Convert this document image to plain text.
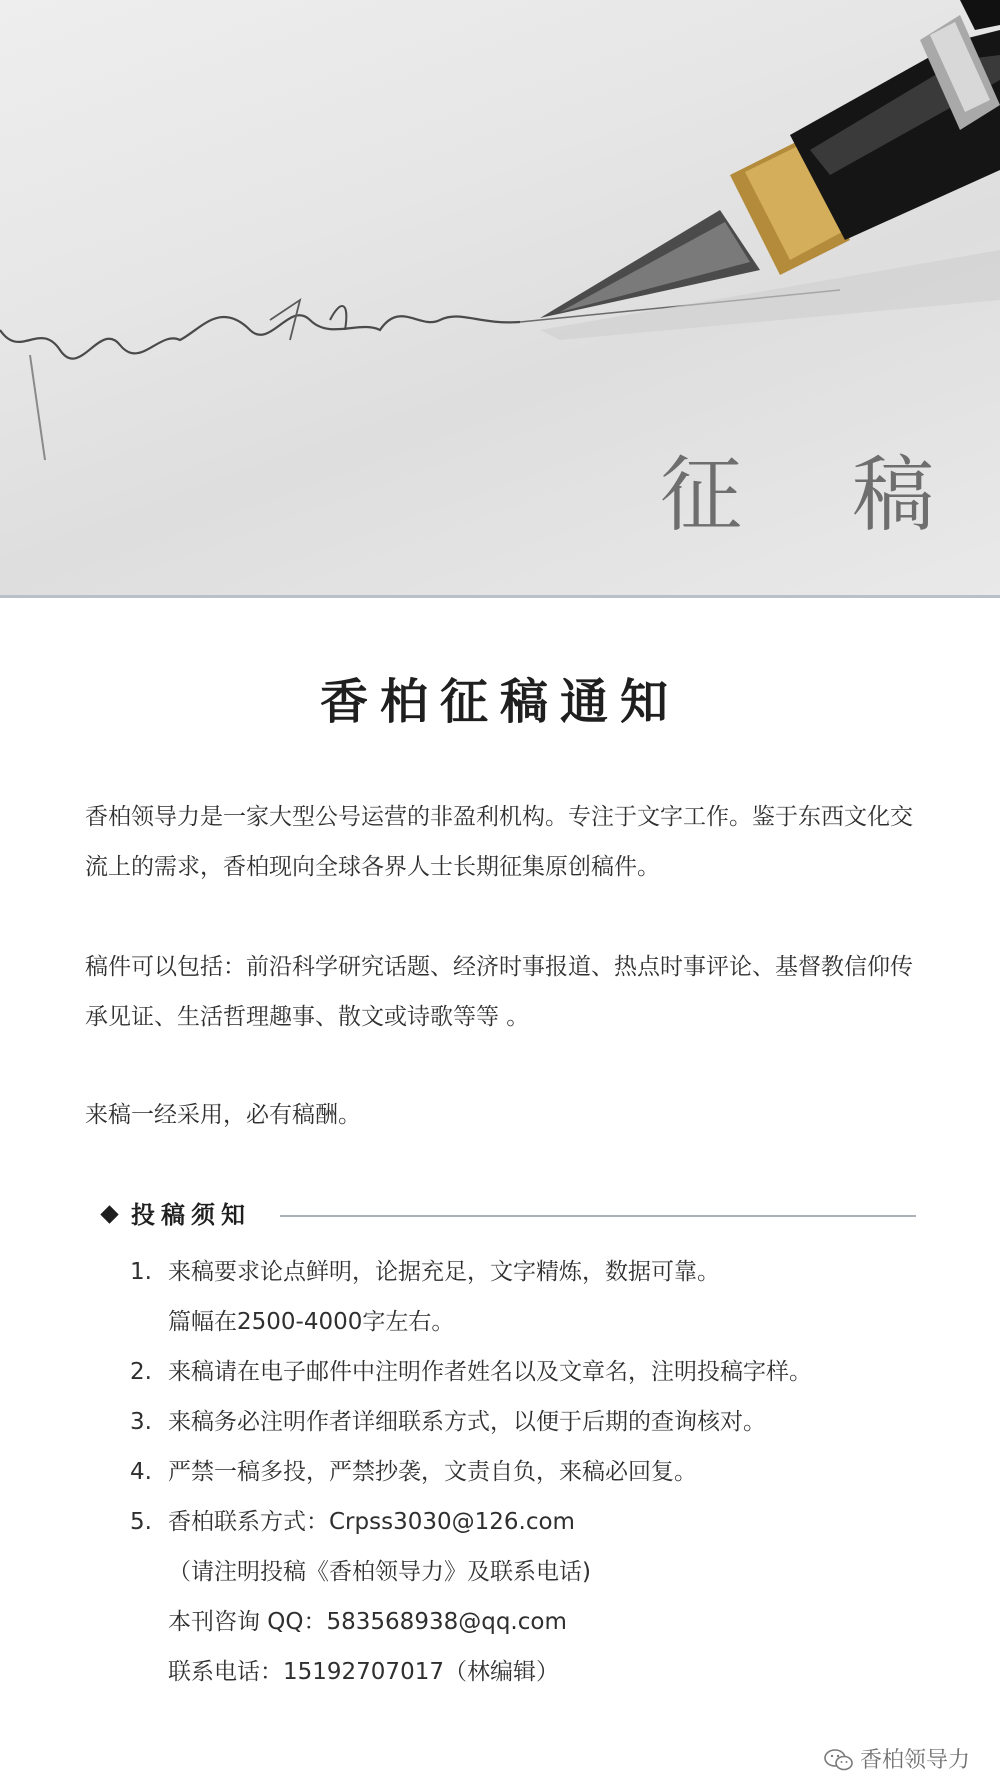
征 稿
香柏征稿通知
香柏领导力是一家大型公号运营的非盈利机构。专注于文字工作。鉴于东西文化交流上的需求，香柏现向全球各界人士长期征集原创稿件。
稿件可以包括：前沿科学研究话题、经济时事报道、热点时事评论、基督教信仰传承见证、生活哲理趣事、散文或诗歌等等 。
来稿一经采用，必有稿酬。
投稿须知
1. 来稿要求论点鲜明，论据充足，文字精炼，数据可靠。
篇幅在2500-4000字左右。
2. 来稿请在电子邮件中注明作者姓名以及文章名，注明投稿字样。
3. 来稿务必注明作者详细联系方式，以便于后期的查询核对。
4. 严禁一稿多投，严禁抄袭，文责自负，来稿必回复。
5. 香柏联系方式：Crpss3030@126.com
（请注明投稿《香柏领导力》及联系电话)
本刊咨询 QQ：583568938@qq.com
联系电话：15192707017（林编辑）
香柏领导力
